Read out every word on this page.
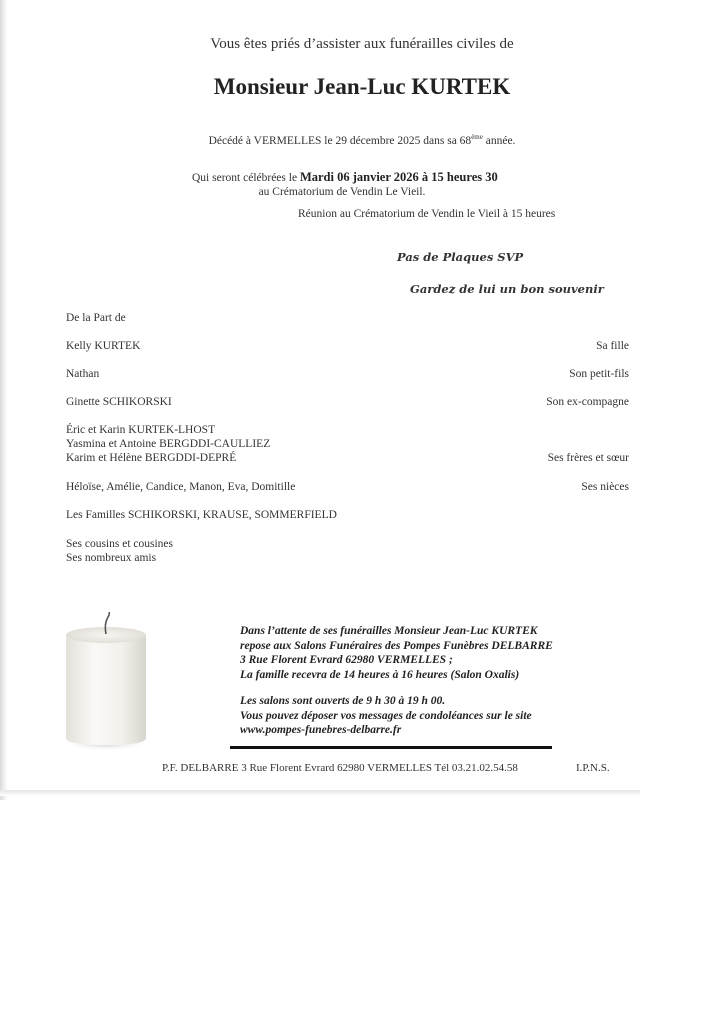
Vous êtes priés d’assister aux funérailles civiles de
Monsieur Jean-Luc KURTEK
Décédé à VERMELLES le 29 décembre 2025 dans sa 68ème année.
Qui seront célébrées le Mardi 06 janvier 2026 à 15 heures 30
au Crématorium de Vendin Le Vieil.
Réunion au Crématorium de Vendin le Vieil à 15 heures
Pas de Plaques SVP
Gardez de lui un bon souvenir
De la Part de
Kelly KURTEK	Sa fille
Nathan	Son petit-fils
Ginette SCHIKORSKI	Son ex-compagne
Éric et Karin KURTEK-LHOST
Yasmina et Antoine BERGDDI-CAULLIEZ
Karim et Hélène BERGDDI-DEPRÉ	Ses frères et sœur
Héloïse, Amélie, Candice, Manon, Eva, Domitille	Ses nièces
Les Familles SCHIKORSKI, KRAUSE, SOMMERFIELD
Ses cousins et cousines
Ses nombreux amis
Dans l’attente de ses funérailles Monsieur Jean-Luc KURTEK
repose aux Salons Funéraires des Pompes Funèbres DELBARRE
3 Rue Florent Evrard 62980 VERMELLES ;
La famille recevra de 14 heures à 16 heures (Salon Oxalis)
Les salons sont ouverts de 9 h 30 à 19 h 00.
Vous pouvez déposer vos messages de condoléances sur le site
www.pompes-funebres-delbarre.fr
P.F. DELBARRE 3 Rue Florent Evrard 62980 VERMELLES Tél 03.21.02.54.58	I.P.N.S.
